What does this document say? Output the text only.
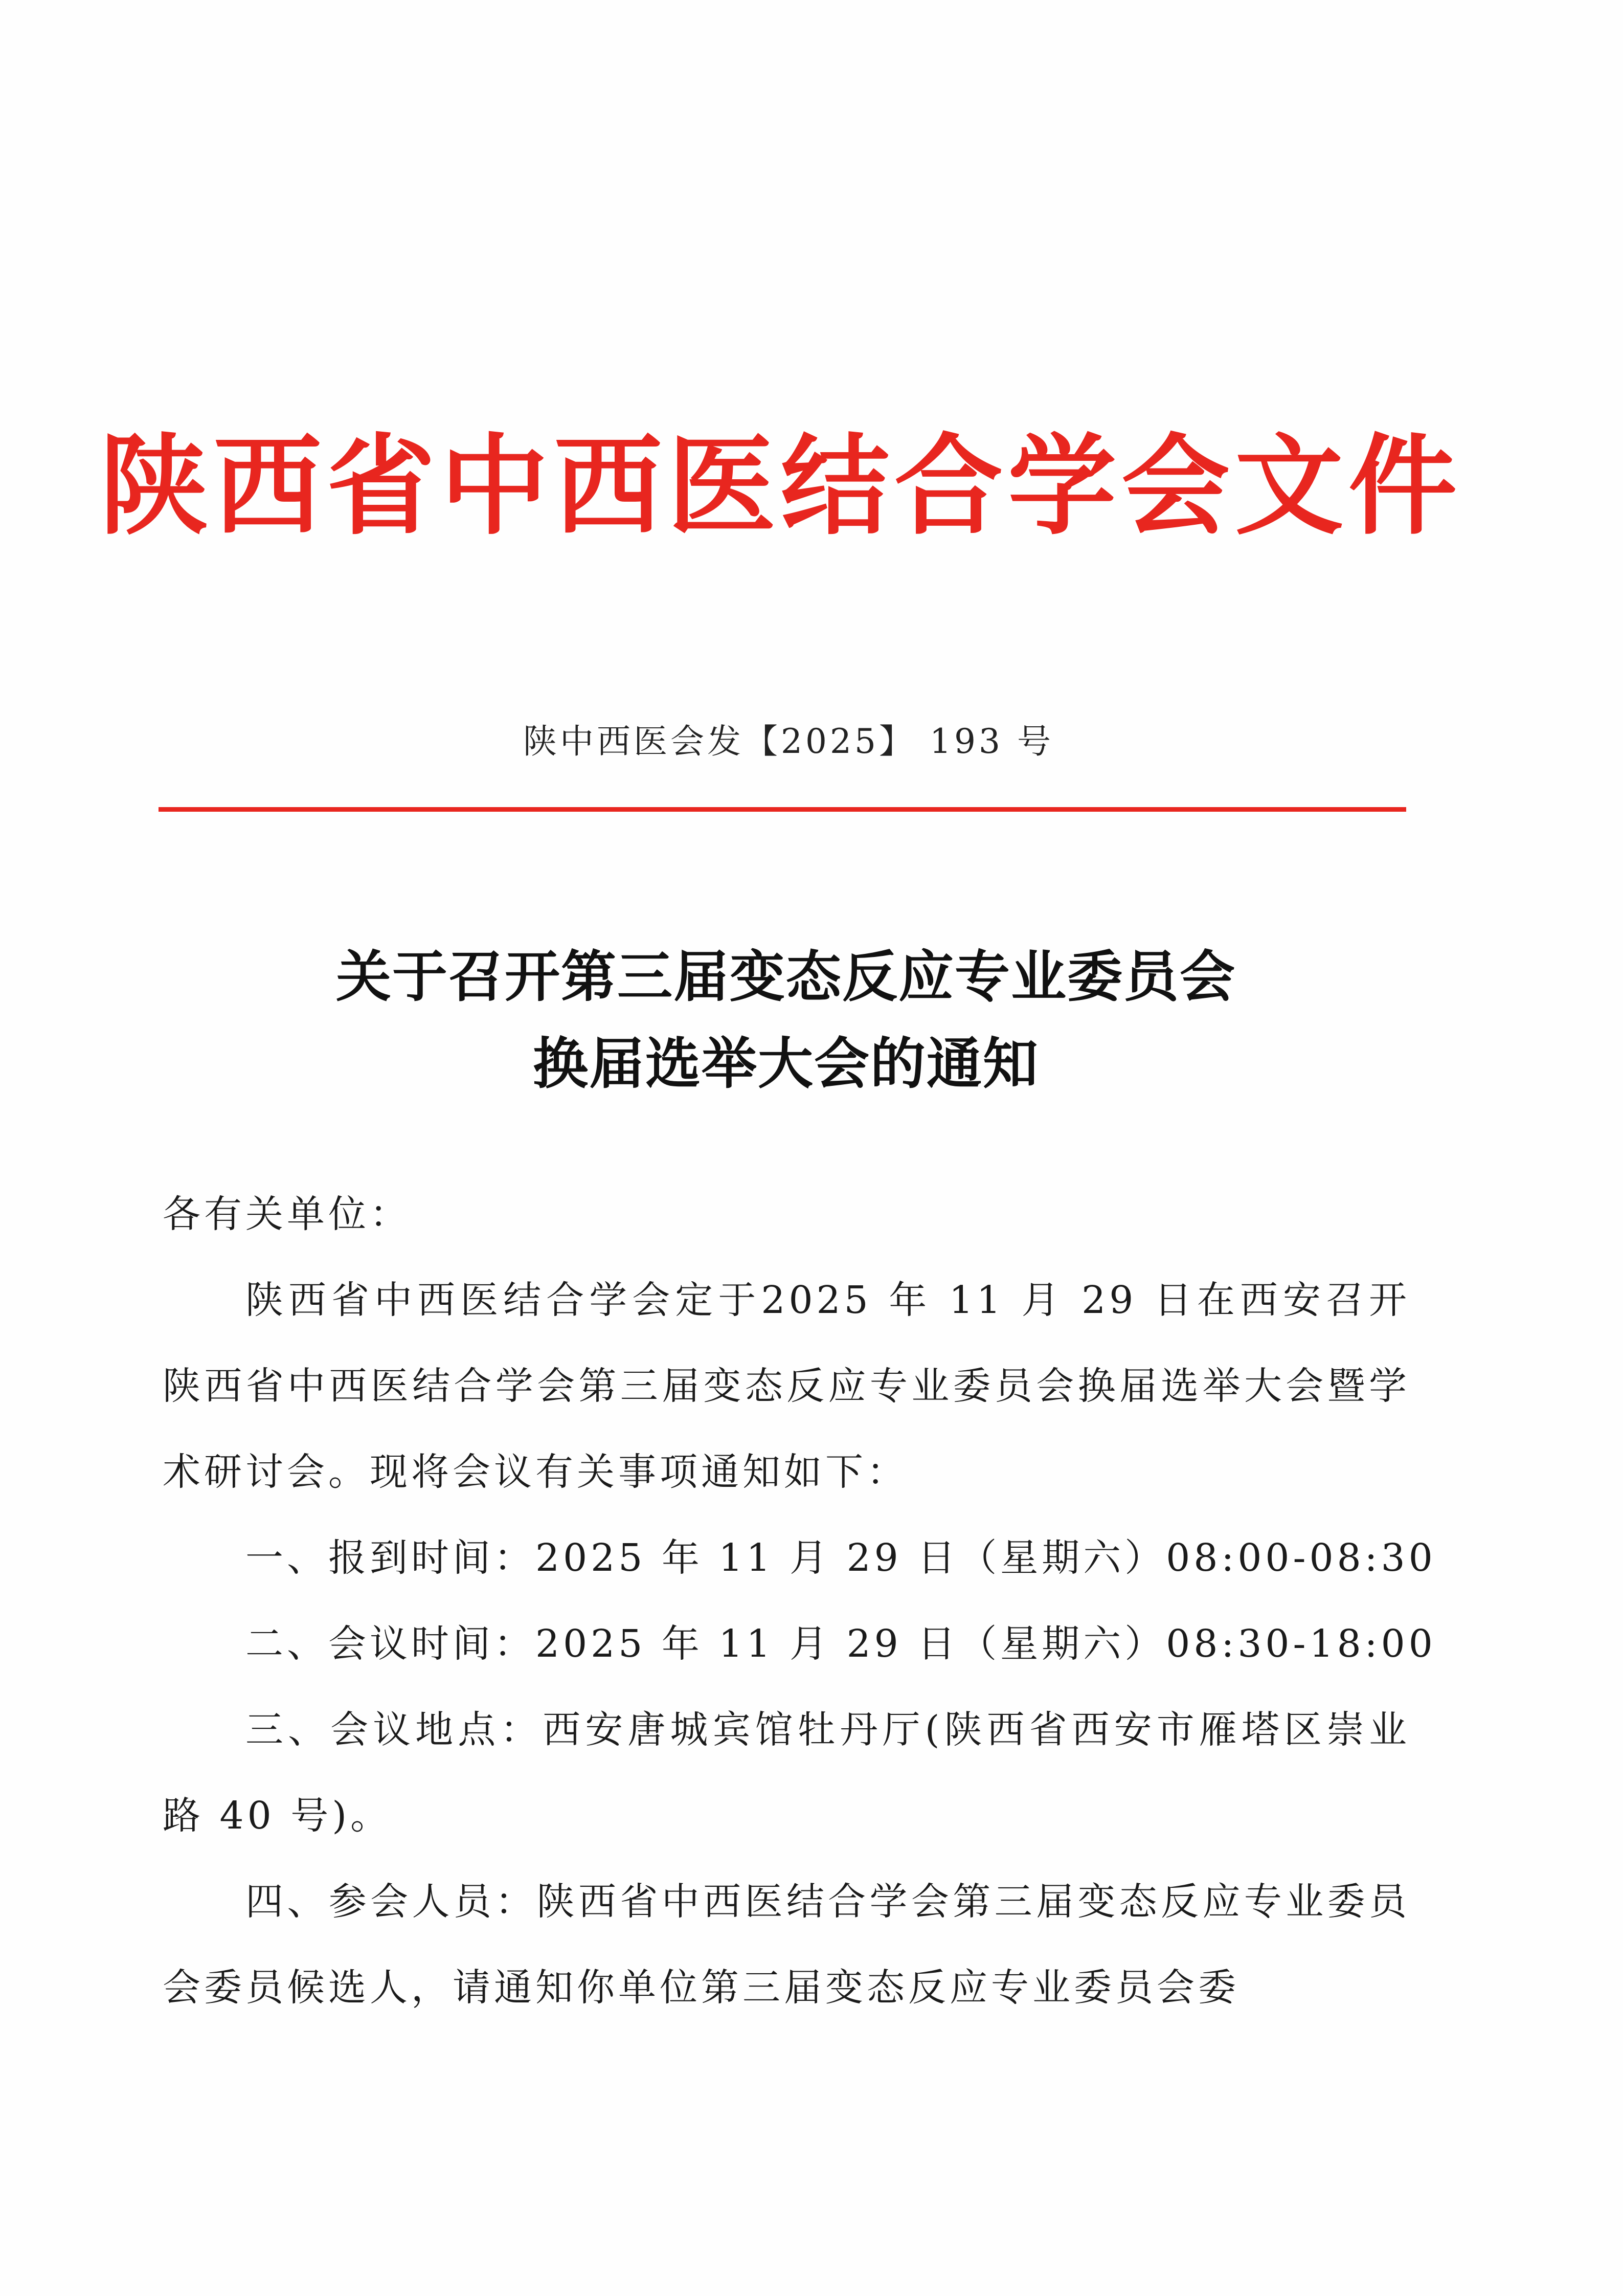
陕西省中西医结合学会文件
陕中西医会发【2025】 193 号
关于召开第三届变态反应专业委员会
换届选举大会的通知

各有关单位：

陕西省中西医结合学会定于2025 年 11 月 29 日在西安召开陕西省中西医结合学会第三届变态反应专业委员会换届选举大会暨学术研讨会。现将会议有关事项通知如下：

一、报到时间：2025 年 11 月 29 日（星期六）08:00-08:30

二、会议时间：2025 年 11 月 29 日（星期六）08:30-18:00

三、会议地点：西安唐城宾馆牡丹厅(陕西省西安市雁塔区崇业路 40 号)。

四、参会人员：陕西省中西医结合学会第三届变态反应专业委员会委员候选人，请通知你单位第三届变态反应专业委员会委
